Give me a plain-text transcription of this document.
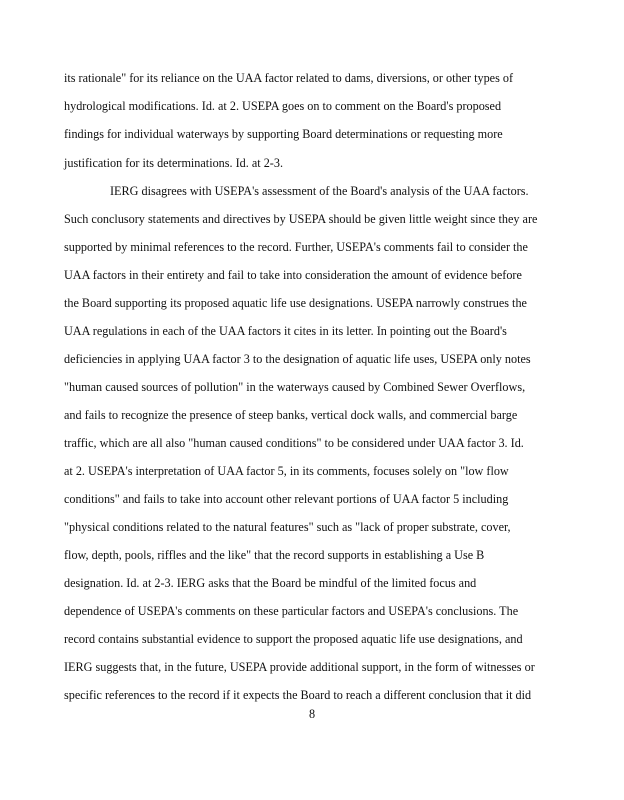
its rationale" for its reliance on the UAA factor related to dams, diversions, or other types of
hydrological modifications. Id. at 2. USEPA goes on to comment on the Board's proposed
findings for individual waterways by supporting Board determinations or requesting more
justification for its determinations. Id. at 2-3.
IERG disagrees with USEPA's assessment of the Board's analysis of the UAA factors.
Such conclusory statements and directives by USEPA should be given little weight since they are
supported by minimal references to the record. Further, USEPA's comments fail to consider the
UAA factors in their entirety and fail to take into consideration the amount of evidence before
the Board supporting its proposed aquatic life use designations. USEPA narrowly construes the
UAA regulations in each of the UAA factors it cites in its letter. In pointing out the Board's
deficiencies in applying UAA factor 3 to the designation of aquatic life uses, USEPA only notes
"human caused sources of pollution" in the waterways caused by Combined Sewer Overflows,
and fails to recognize the presence of steep banks, vertical dock walls, and commercial barge
traffic, which are all also "human caused conditions" to be considered under UAA factor 3. Id.
at 2. USEPA's interpretation of UAA factor 5, in its comments, focuses solely on "low flow
conditions" and fails to take into account other relevant portions of UAA factor 5 including
"physical conditions related to the natural features" such as "lack of proper substrate, cover,
flow, depth, pools, riffles and the like" that the record supports in establishing a Use B
designation. Id. at 2-3. IERG asks that the Board be mindful of the limited focus and
dependence of USEPA's comments on these particular factors and USEPA's conclusions. The
record contains substantial evidence to support the proposed aquatic life use designations, and
IERG suggests that, in the future, USEPA provide additional support, in the form of witnesses or
specific references to the record if it expects the Board to reach a different conclusion that it did
8
